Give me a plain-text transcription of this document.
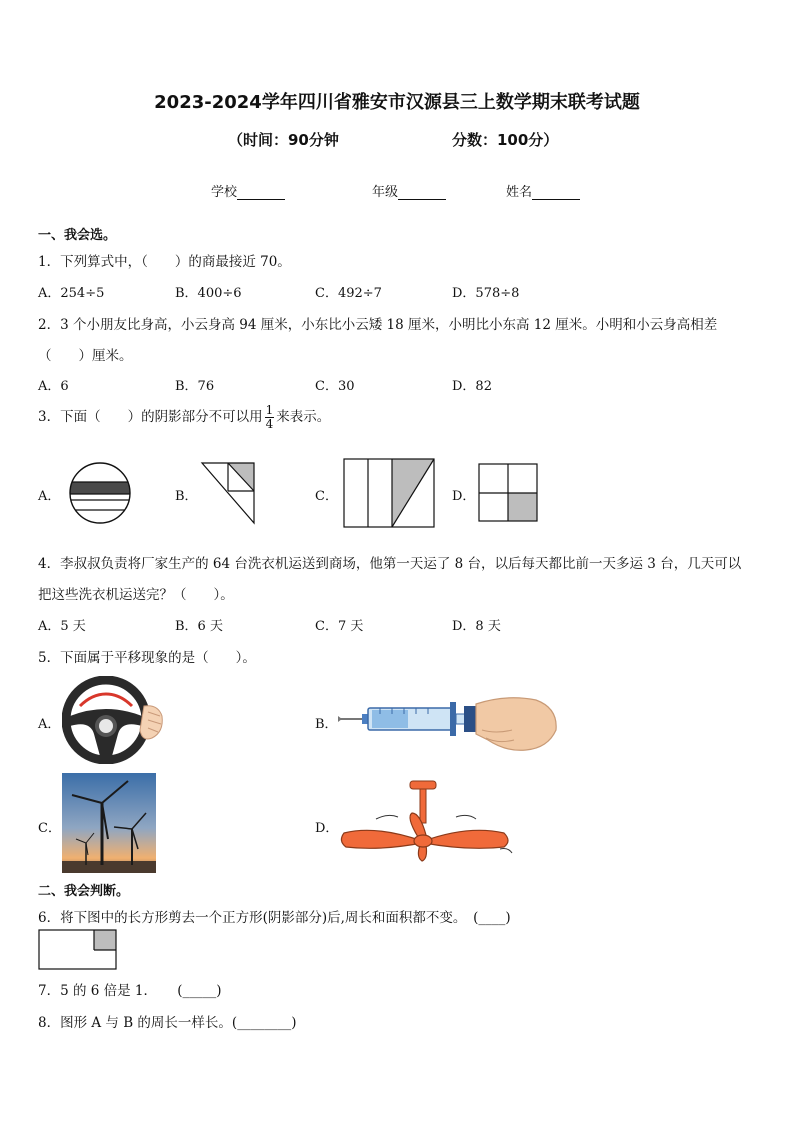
2023-2024学年四川省雅安市汉源县三上数学期末联考试题
（时间：90分钟	分数：100分）
学校	年级	姓名
一、我会选。
1．下列算式中，（　　）的商最接近 70。
A．254÷5	B．400÷6	C．492÷7	D．578÷8
2．3 个小朋友比身高，小云身高 94 厘米，小东比小云矮 18 厘米，小明比小东高 12 厘米。小明和小云身高相差
（　　）厘米。
A．6	B．76	C．30	D．82
3．下面（　　）的阴影部分不可以用 $\frac{1}{4}$ 来表示。
A．	B．	C．	D．
4．李叔叔负责将厂家生产的 64 台洗衣机运送到商场，他第一天运了 8 台，以后每天都比前一天多运 3 台，几天可以
把这些洗衣机运送完？（　　）。
A．5 天	B．6 天	C．7 天	D．8 天
5．下面属于平移现象的是（　　）。
A．	B．
C．	D．
二、我会判断。
6．将下图中的长方形剪去一个正方形(阴影部分)后,周长和面积都不变。　(____)
7．5 的 6 倍是 1．　　(_____)
8．图形 A 与 B 的周长一样长。(________)
